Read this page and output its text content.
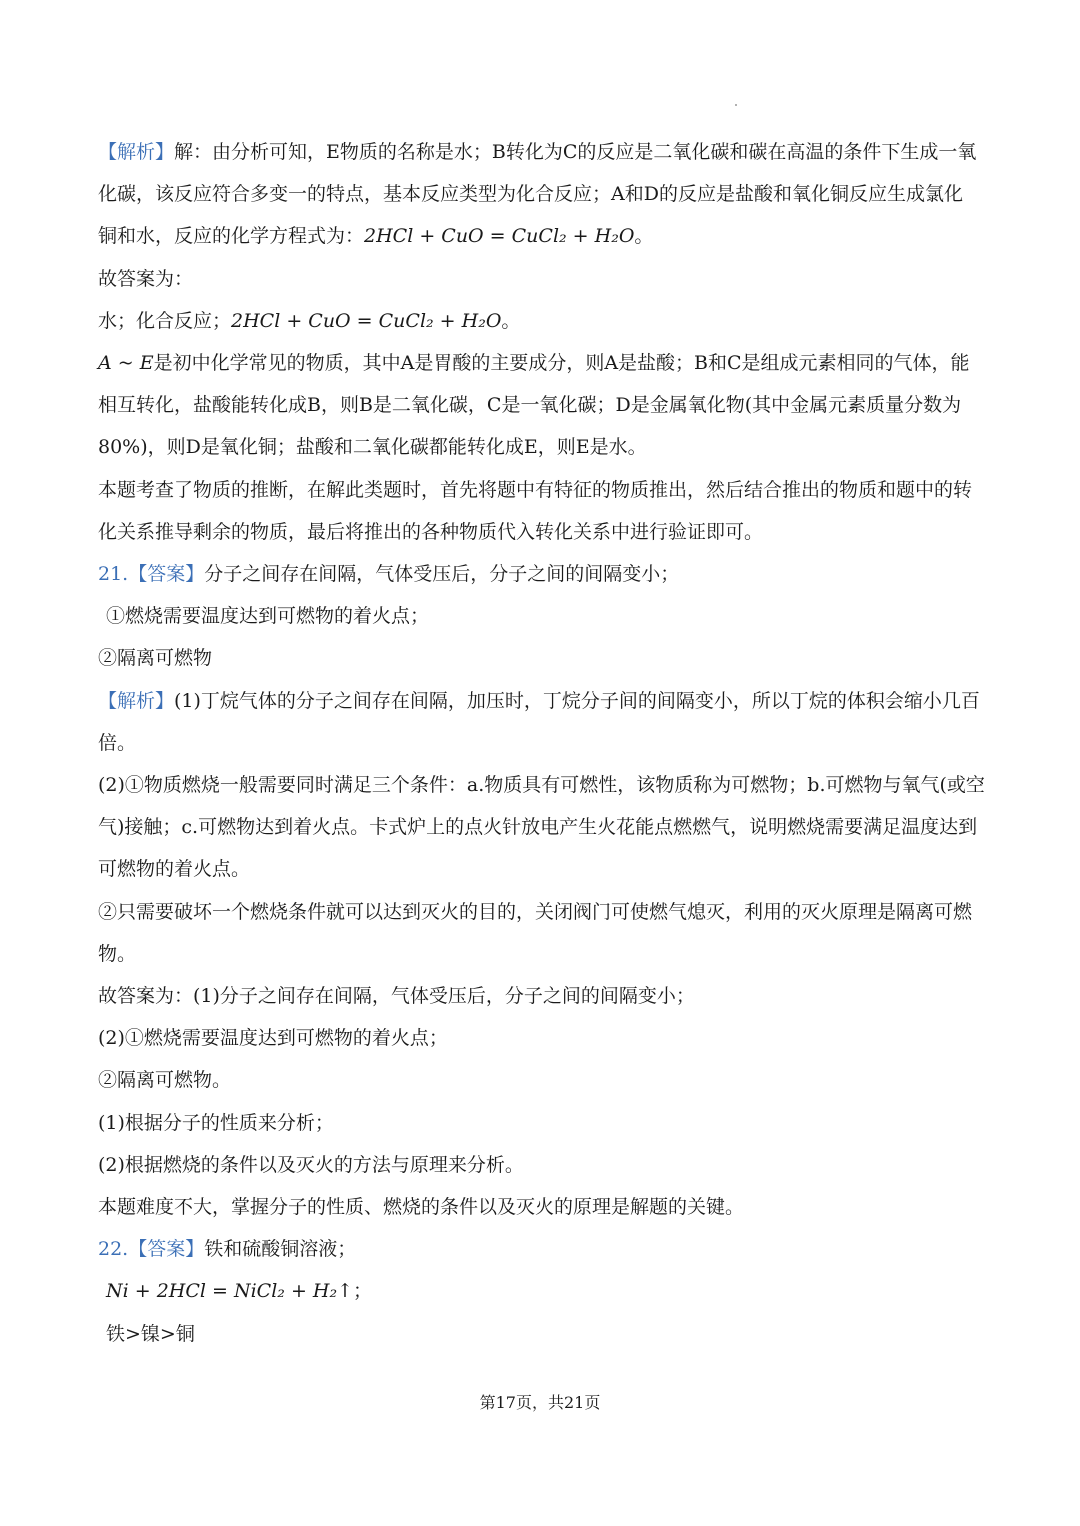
【解析】解：由分析可知，E物质的名称是水；B转化为C的反应是二氧化碳和碳在高温的条件下生成一氧
化碳，该反应符合多变一的特点，基本反应类型为化合反应；A和D的反应是盐酸和氧化铜反应生成氯化
铜和水，反应的化学方程式为：2HCl + CuO = CuCl₂ + H₂O。
故答案为：
水；化合反应；2HCl + CuO = CuCl₂ + H₂O。
A ~ E是初中化学常见的物质，其中A是胃酸的主要成分，则A是盐酸；B和C是组成元素相同的气体，能
相互转化，盐酸能转化成B，则B是二氧化碳，C是一氧化碳；D是金属氧化物(其中金属元素质量分数为
80%)，则D是氧化铜；盐酸和二氧化碳都能转化成E，则E是水。
本题考查了物质的推断，在解此类题时，首先将题中有特征的物质推出，然后结合推出的物质和题中的转
化关系推导剩余的物质，最后将推出的各种物质代入转化关系中进行验证即可。
21.【答案】分子之间存在间隔，气体受压后，分子之间的间隔变小；
①燃烧需要温度达到可燃物的着火点；
②隔离可燃物
【解析】(1)丁烷气体的分子之间存在间隔，加压时，丁烷分子间的间隔变小，所以丁烷的体积会缩小几百
倍。
(2)①物质燃烧一般需要同时满足三个条件：a.物质具有可燃性，该物质称为可燃物；b.可燃物与氧气(或空
气)接触；c.可燃物达到着火点。卡式炉上的点火针放电产生火花能点燃燃气，说明燃烧需要满足温度达到
可燃物的着火点。
②只需要破坏一个燃烧条件就可以达到灭火的目的，关闭阀门可使燃气熄灭，利用的灭火原理是隔离可燃
物。
故答案为：(1)分子之间存在间隔，气体受压后，分子之间的间隔变小；
(2)①燃烧需要温度达到可燃物的着火点；
②隔离可燃物。
(1)根据分子的性质来分析；
(2)根据燃烧的条件以及灭火的方法与原理来分析。
本题难度不大，掌握分子的性质、燃烧的条件以及灭火的原理是解题的关键。
22.【答案】铁和硫酸铜溶液；
Ni + 2HCl = NiCl₂ + H₂↑；
铁>镍>铜
第17页，共21页
